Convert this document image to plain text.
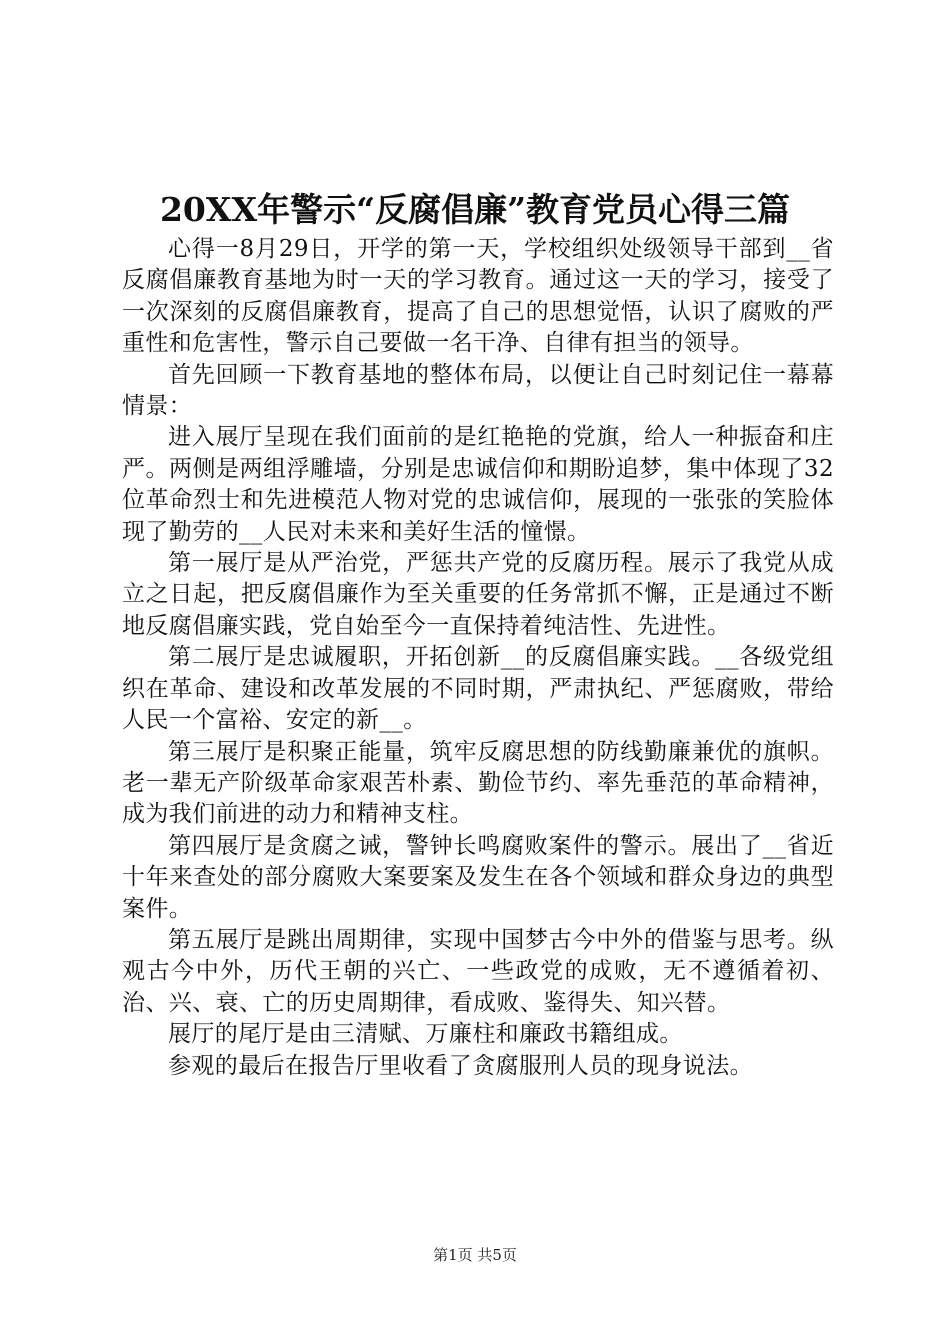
20XX年警示“反腐倡廉”教育党员心得三篇

心得一8月29日，开学的第一天，学校组织处级领导干部到__省反腐倡廉教育基地为时一天的学习教育。通过这一天的学习，接受了一次深刻的反腐倡廉教育，提高了自己的思想觉悟，认识了腐败的严重性和危害性，警示自己要做一名干净、自律有担当的领导。

首先回顾一下教育基地的整体布局，以便让自己时刻记住一幕幕情景：

进入展厅呈现在我们面前的是红艳艳的党旗，给人一种振奋和庄严。两侧是两组浮雕墙，分别是忠诚信仰和期盼追梦，集中体现了32位革命烈士和先进模范人物对党的忠诚信仰，展现的一张张的笑脸体现了勤劳的__人民对未来和美好生活的憧憬。

第一展厅是从严治党，严惩共产党的反腐历程。展示了我党从成立之日起，把反腐倡廉作为至关重要的任务常抓不懈，正是通过不断地反腐倡廉实践，党自始至今一直保持着纯洁性、先进性。

第二展厅是忠诚履职，开拓创新__的反腐倡廉实践。__各级党组织在革命、建设和改革发展的不同时期，严肃执纪、严惩腐败，带给人民一个富裕、安定的新__。

第三展厅是积聚正能量，筑牢反腐思想的防线勤廉兼优的旗帜。老一辈无产阶级革命家艰苦朴素、勤俭节约、率先垂范的革命精神，成为我们前进的动力和精神支柱。

第四展厅是贪腐之诫，警钟长鸣腐败案件的警示。展出了__省近十年来查处的部分腐败大案要案及发生在各个领域和群众身边的典型案件。

第五展厅是跳出周期律，实现中国梦古今中外的借鉴与思考。纵观古今中外，历代王朝的兴亡、一些政党的成败，无不遵循着初、治、兴、衰、亡的历史周期律，看成败、鉴得失、知兴替。

展厅的尾厅是由三清赋、万廉柱和廉政书籍组成。

参观的最后在报告厅里收看了贪腐服刑人员的现身说法。

第1页 共5页
